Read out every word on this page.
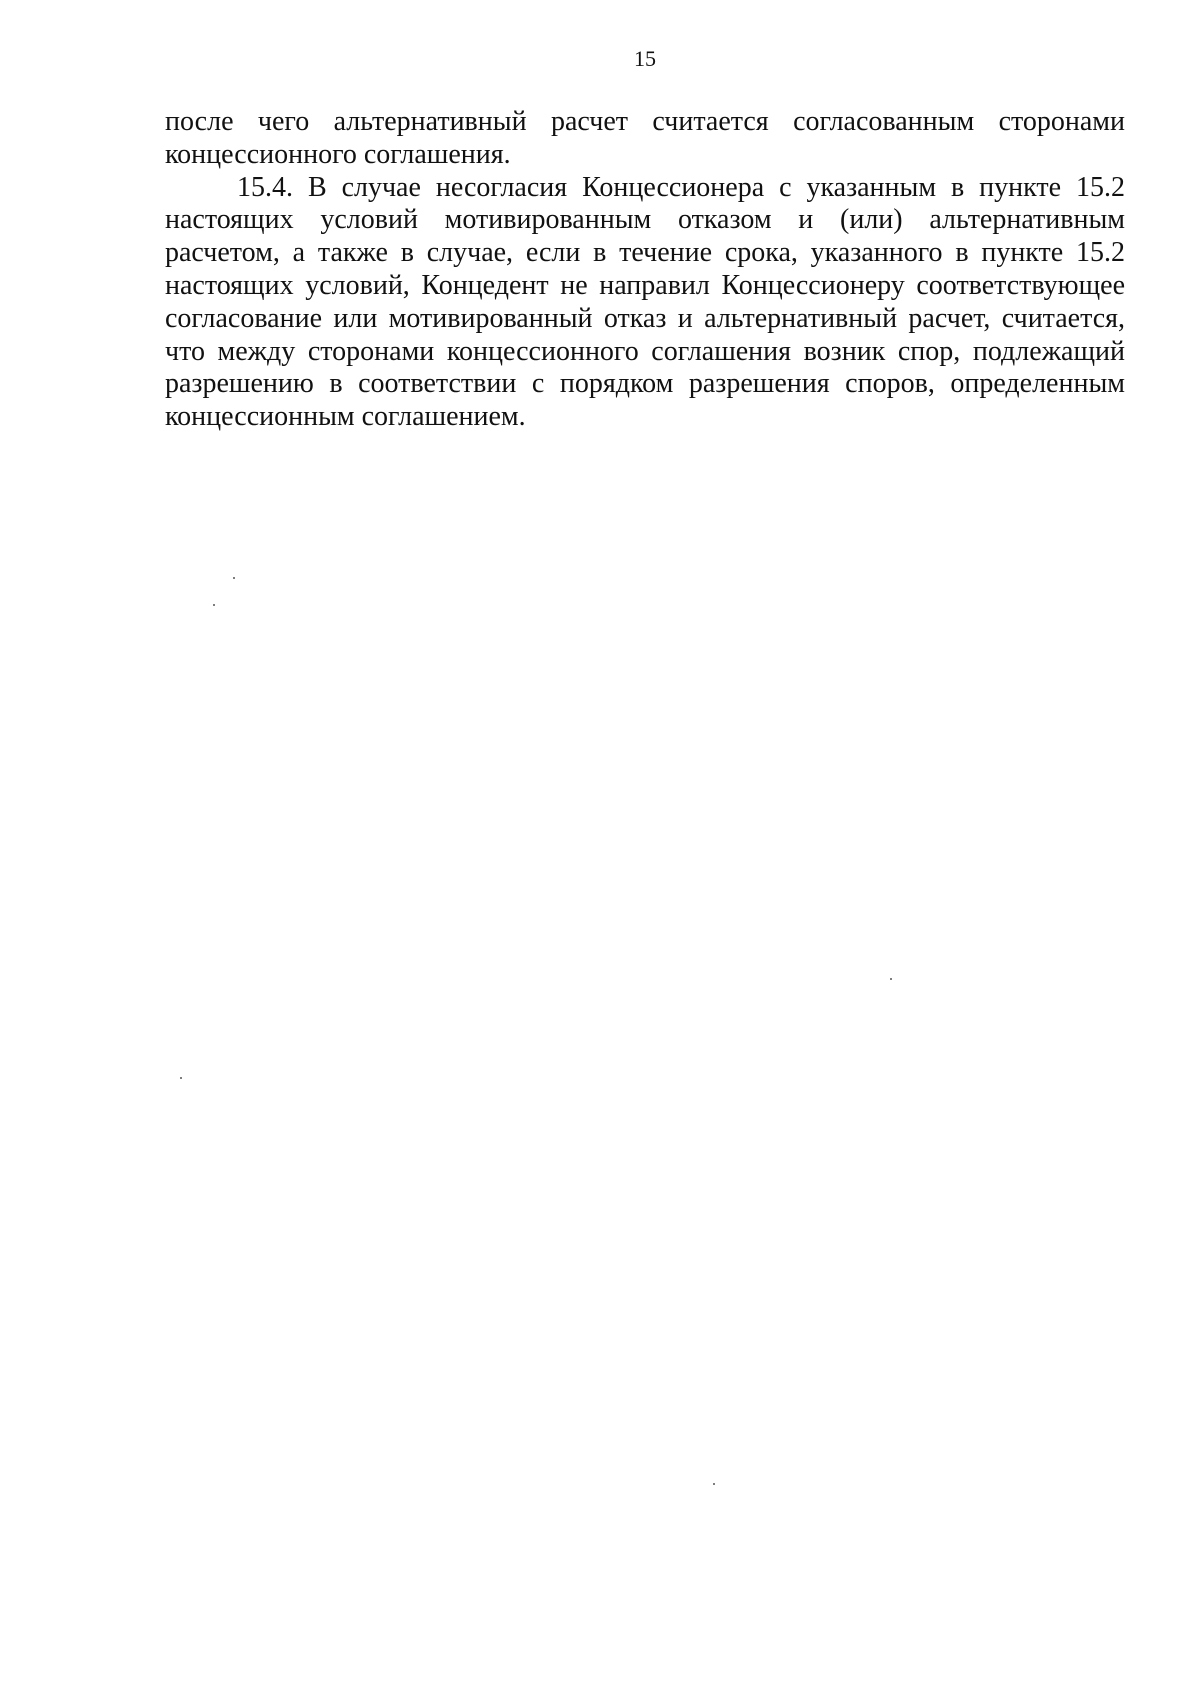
15

после чего альтернативный расчет считается согласованным сторонами концессионного соглашения.

15.4. В случае несогласия Концессионера с указанным в пункте 15.2 настоящих условий мотивированным отказом и (или) альтернативным расчетом, а также в случае, если в течение срока, указанного в пункте 15.2 настоящих условий, Концедент не направил Концессионеру соответствующее согласование или мотивированный отказ и альтернативный расчет, считается, что между сторонами концессионного соглашения возник спор, подлежащий разрешению в соответствии с порядком разрешения споров, определенным концессионным соглашением.
